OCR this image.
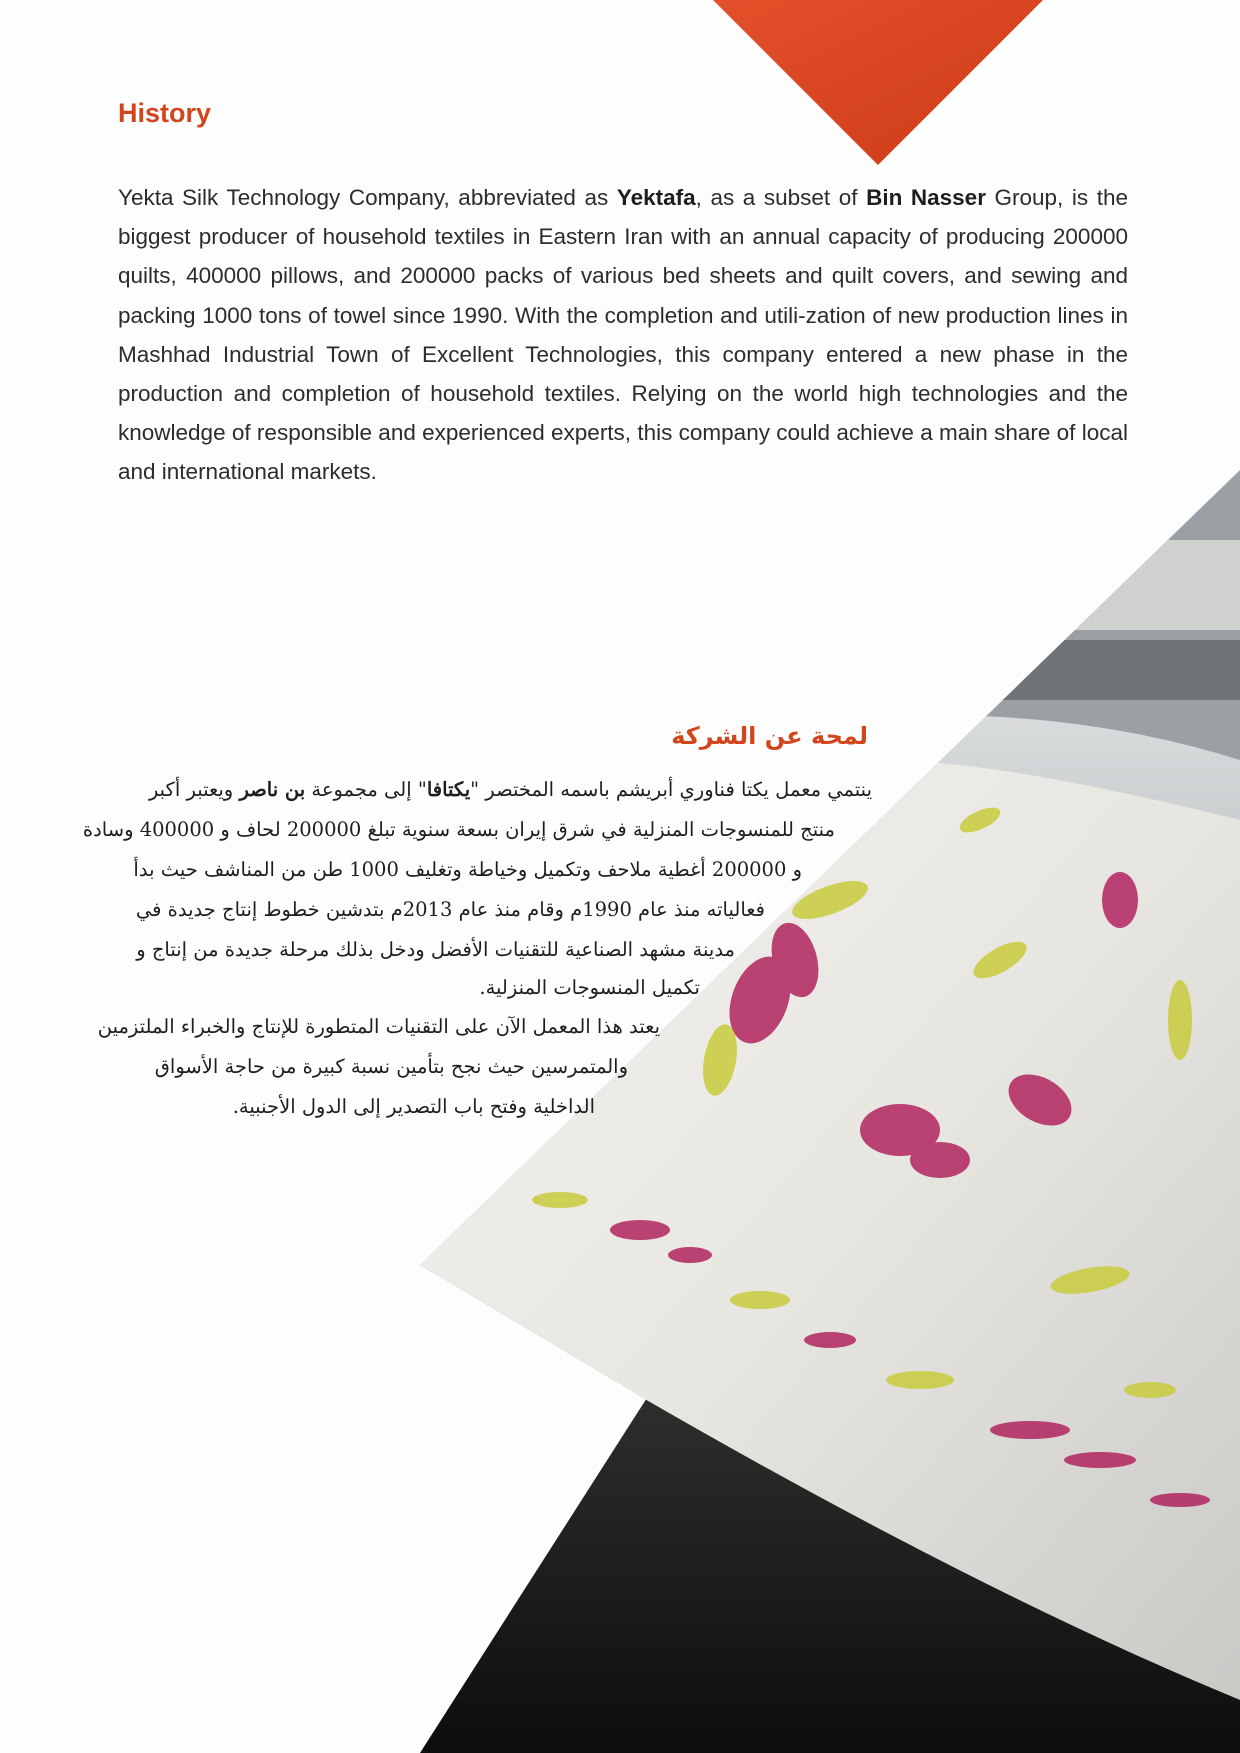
History

Yekta Silk Technology Company, abbreviated as Yektafa, as a subset of Bin Nasser Group, is the biggest producer of household textiles in Eastern Iran with an annual capacity of producing 200000 quilts, 400000 pillows, and 200000 packs of various bed sheets and quilt covers, and sewing and packing 1000 tons of towel since 1990. With the completion and utili-zation of new production lines in Mashhad Industrial Town of Excellent Technologies, this company entered a new phase in the production and completion of household textiles. Relying on the world high technologies and the knowledge of responsible and experienced experts, this company could achieve a main share of local and international markets.

لمحة عن الشركة

ينتمي معمل يكتا فناوري أبريشم باسمه المختصر "يكتافا" إلى مجموعة بن ناصر ويعتبر أكبر

منتج للمنسوجات المنزلية في شرق إيران بسعة سنوية تبلغ 200000 لحاف و 400000 وسادة

و 200000 أغطية ملاحف وتكميل وخياطة وتغليف 1000 طن من المناشف حيث بدأ

فعالياته منذ عام 1990م وقام منذ عام 2013م بتدشين خطوط إنتاج جديدة في

مدينة مشهد الصناعية للتقنيات الأفضل ودخل بذلك مرحلة جديدة من إنتاج و

تكميل المنسوجات المنزلية.

يعتد هذا المعمل الآن على التقنيات المتطورة للإنتاج والخبراء الملتزمين

والمتمرسين حيث نجح بتأمين نسبة كبيرة من حاجة الأسواق

الداخلية وفتح باب التصدير إلى الدول الأجنبية.
